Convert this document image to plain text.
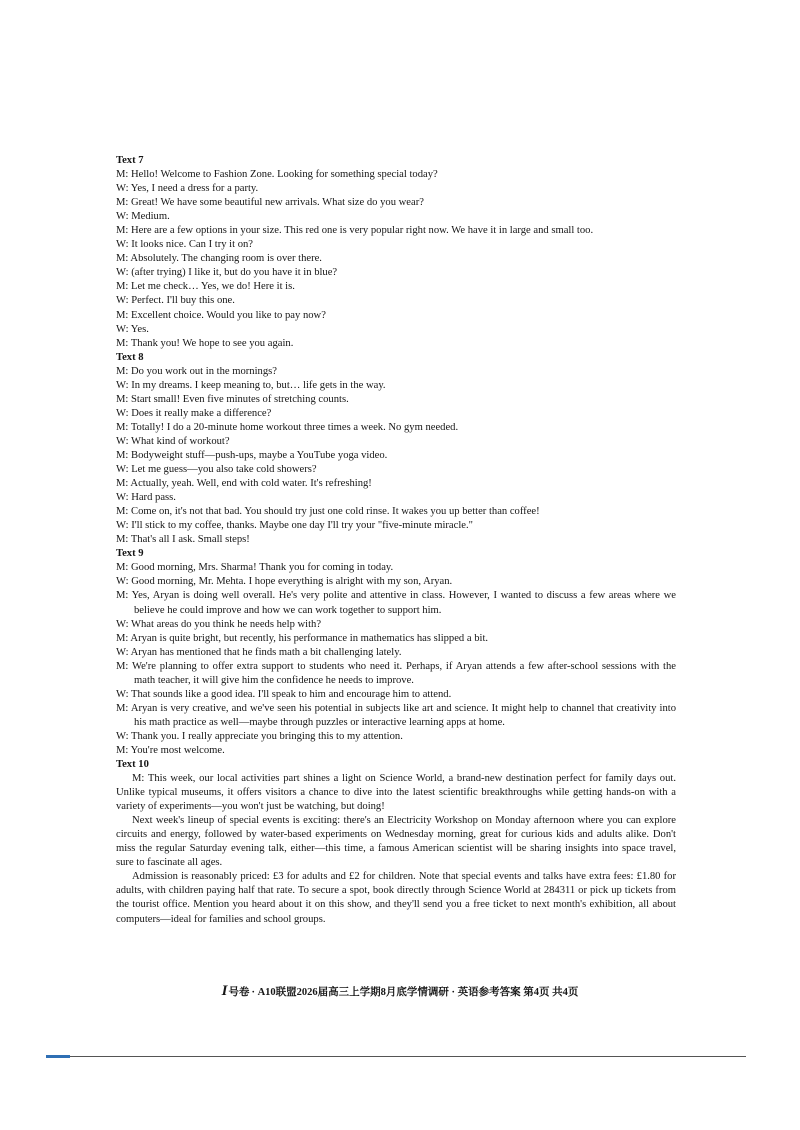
Text 7
M: Hello! Welcome to Fashion Zone. Looking for something special today?
W: Yes, I need a dress for a party.
M: Great! We have some beautiful new arrivals. What size do you wear?
W: Medium.
M: Here are a few options in your size. This red one is very popular right now. We have it in large and small too.
W: It looks nice. Can I try it on?
M: Absolutely. The changing room is over there.
W: (after trying) I like it, but do you have it in blue?
M: Let me check… Yes, we do! Here it is.
W: Perfect. I'll buy this one.
M: Excellent choice. Would you like to pay now?
W: Yes.
M: Thank you! We hope to see you again.
Text 8
M: Do you work out in the mornings?
W: In my dreams. I keep meaning to, but… life gets in the way.
M: Start small! Even five minutes of stretching counts.
W: Does it really make a difference?
M: Totally! I do a 20-minute home workout three times a week. No gym needed.
W: What kind of workout?
M: Bodyweight stuff—push-ups, maybe a YouTube yoga video.
W: Let me guess—you also take cold showers?
M: Actually, yeah. Well, end with cold water. It's refreshing!
W: Hard pass.
M: Come on, it's not that bad. You should try just one cold rinse. It wakes you up better than coffee!
W: I'll stick to my coffee, thanks. Maybe one day I'll try your "five-minute miracle."
M: That's all I ask. Small steps!
Text 9
M: Good morning, Mrs. Sharma! Thank you for coming in today.
W: Good morning, Mr. Mehta. I hope everything is alright with my son, Aryan.
M: Yes, Aryan is doing well overall. He's very polite and attentive in class. However, I wanted to discuss a few areas where we believe he could improve and how we can work together to support him.
W: What areas do you think he needs help with?
M: Aryan is quite bright, but recently, his performance in mathematics has slipped a bit.
W: Aryan has mentioned that he finds math a bit challenging lately.
M: We're planning to offer extra support to students who need it. Perhaps, if Aryan attends a few after-school sessions with the math teacher, it will give him the confidence he needs to improve.
W: That sounds like a good idea. I'll speak to him and encourage him to attend.
M: Aryan is very creative, and we've seen his potential in subjects like art and science. It might help to channel that creativity into his math practice as well—maybe through puzzles or interactive learning apps at home.
W: Thank you. I really appreciate you bringing this to my attention.
M: You're most welcome.
Text 10
M: This week, our local activities part shines a light on Science World, a brand-new destination perfect for family days out. Unlike typical museums, it offers visitors a chance to dive into the latest scientific breakthroughs while getting hands-on with a variety of experiments—you won't just be watching, but doing!
Next week's lineup of special events is exciting: there's an Electricity Workshop on Monday afternoon where you can explore circuits and energy, followed by water-based experiments on Wednesday morning, great for curious kids and adults alike. Don't miss the regular Saturday evening talk, either—this time, a famous American scientist will be sharing insights into space travel, sure to fascinate all ages.
Admission is reasonably priced: £3 for adults and £2 for children. Note that special events and talks have extra fees: £1.80 for adults, with children paying half that rate. To secure a spot, book directly through Science World at 284311 or pick up tickets from the tourist office. Mention you heard about it on this show, and they'll send you a free ticket to next month's exhibition, all about computers—ideal for families and school groups.
I号卷 · A10联盟2026届高三上学期8月底学情调研 · 英语参考答案 第4页 共4页
